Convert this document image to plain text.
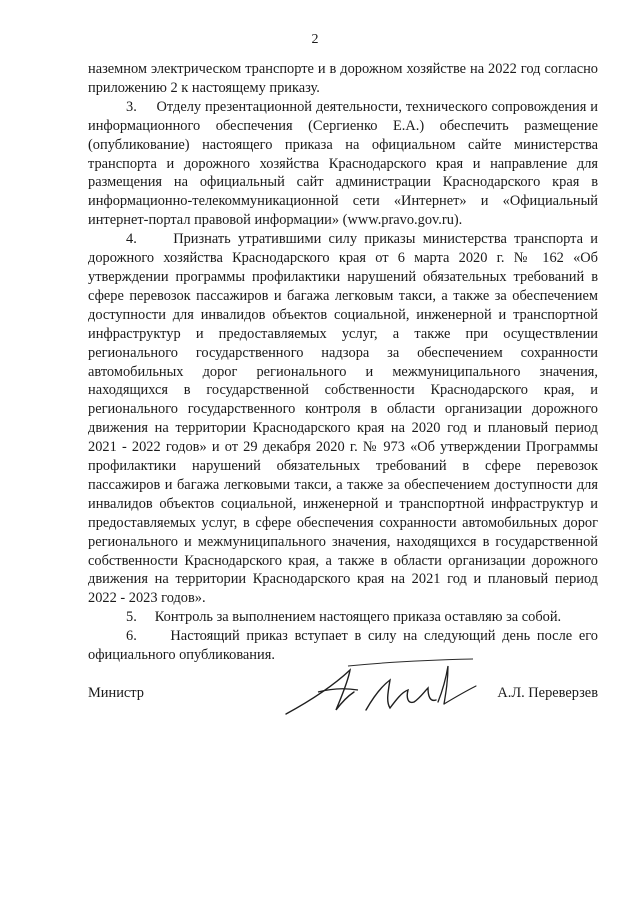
2

наземном электрическом транспорте и в дорожном хозяйстве на 2022 год согласно приложению 2 к настоящему приказу.

3.     Отделу презентационной деятельности, технического сопровождения и информационного обеспечения (Сергиенко Е.А.) обеспечить размещение (опубликование) настоящего приказа на официальном сайте министерства транспорта и дорожного хозяйства Краснодарского края и направление для размещения на официальный сайт администрации Краснодарского края в информационно-телекоммуникационной сети «Интернет» и «Официальный интернет-портал правовой информации» (www.pravo.gov.ru).

4.     Признать утратившими силу приказы министерства транспорта и дорожного хозяйства Краснодарского края от 6 марта 2020 г. № 162 «Об утверждении программы профилактики нарушений обязательных требований в сфере перевозок пассажиров и багажа легковым такси, а также за обеспечением доступности для инвалидов объектов социальной, инженерной и транспортной инфраструктур и предоставляемых услуг, а также при осуществлении регионального государственного надзора за обеспечением сохранности автомобильных дорог регионального и межмуниципального значения, находящихся в государственной собственности Краснодарского края, и регионального государственного контроля в области организации дорожного движения на территории Краснодарского края на 2020 год и плановый период 2021 - 2022 годов» и от 29 декабря 2020 г. № 973 «Об утверждении Программы профилактики нарушений обязательных требований в сфере перевозок пассажиров и багажа легковыми такси, а также за обеспечением доступности для инвалидов объектов социальной, инженерной и транспортной инфраструктур и предоставляемых услуг, в сфере обеспечения сохранности автомобильных дорог регионального и межмуниципального значения, находящихся в государственной собственности Краснодарского края, а также в области организации дорожного движения на территории Краснодарского края на 2021 год и плановый период 2022 - 2023 годов».

5.     Контроль за выполнением настоящего приказа оставляю за собой.

6.     Настоящий приказ вступает в силу на следующий день после его официального опубликования.

Министр	А.Л. Переверзев
